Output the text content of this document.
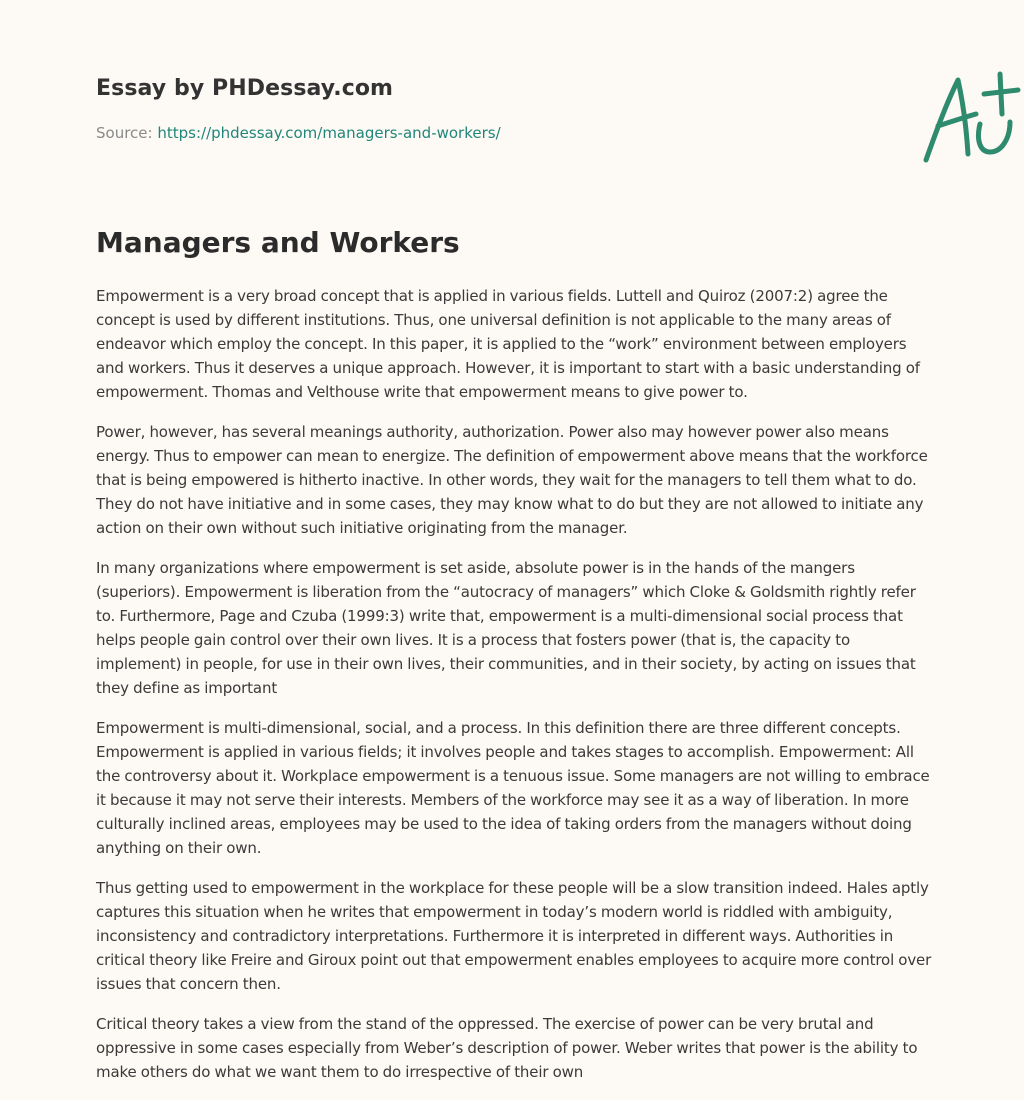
Essay by PHDessay.com
Source: https://phdessay.com/managers-and-workers/
Managers and Workers

Empowerment is a very broad concept that is applied in various fields. Luttell and Quiroz (2007:2) agree the concept is used by different institutions. Thus, one universal definition is not applicable to the many areas of endeavor which employ the concept. In this paper, it is applied to the “work” environment between employers and workers. Thus it deserves a unique approach. However, it is important to start with a basic understanding of empowerment. Thomas and Velthouse write that empowerment means to give power to.

Power, however, has several meanings authority, authorization. Power also may however power also means energy. Thus to empower can mean to energize. The definition of empowerment above means that the workforce that is being empowered is hitherto inactive. In other words, they wait for the managers to tell them what to do. They do not have initiative and in some cases, they may know what to do but they are not allowed to initiate any action on their own without such initiative originating from the manager.

In many organizations where empowerment is set aside, absolute power is in the hands of the mangers (superiors). Empowerment is liberation from the “autocracy of managers” which Cloke & Goldsmith rightly refer to. Furthermore, Page and Czuba (1999:3) write that, empowerment is a multi-dimensional social process that helps people gain control over their own lives. It is a process that fosters power (that is, the capacity to implement) in people, for use in their own lives, their communities, and in their society, by acting on issues that they define as important

Empowerment is multi-dimensional, social, and a process. In this definition there are three different concepts. Empowerment is applied in various fields; it involves people and takes stages to accomplish. Empowerment: All the controversy about it. Workplace empowerment is a tenuous issue. Some managers are not willing to embrace it because it may not serve their interests. Members of the workforce may see it as a way of liberation. In more culturally inclined areas, employees may be used to the idea of taking orders from the managers without doing anything on their own.

Thus getting used to empowerment in the workplace for these people will be a slow transition indeed. Hales aptly captures this situation when he writes that empowerment in today’s modern world is riddled with ambiguity, inconsistency and contradictory interpretations. Furthermore it is interpreted in different ways. Authorities in critical theory like Freire and Giroux point out that empowerment enables employees to acquire more control over issues that concern then.

Critical theory takes a view from the stand of the oppressed. The exercise of power can be very brutal and oppressive in some cases especially from Weber’s description of power. Weber writes that power is the ability to make others do what we want them to do irrespective of their own
